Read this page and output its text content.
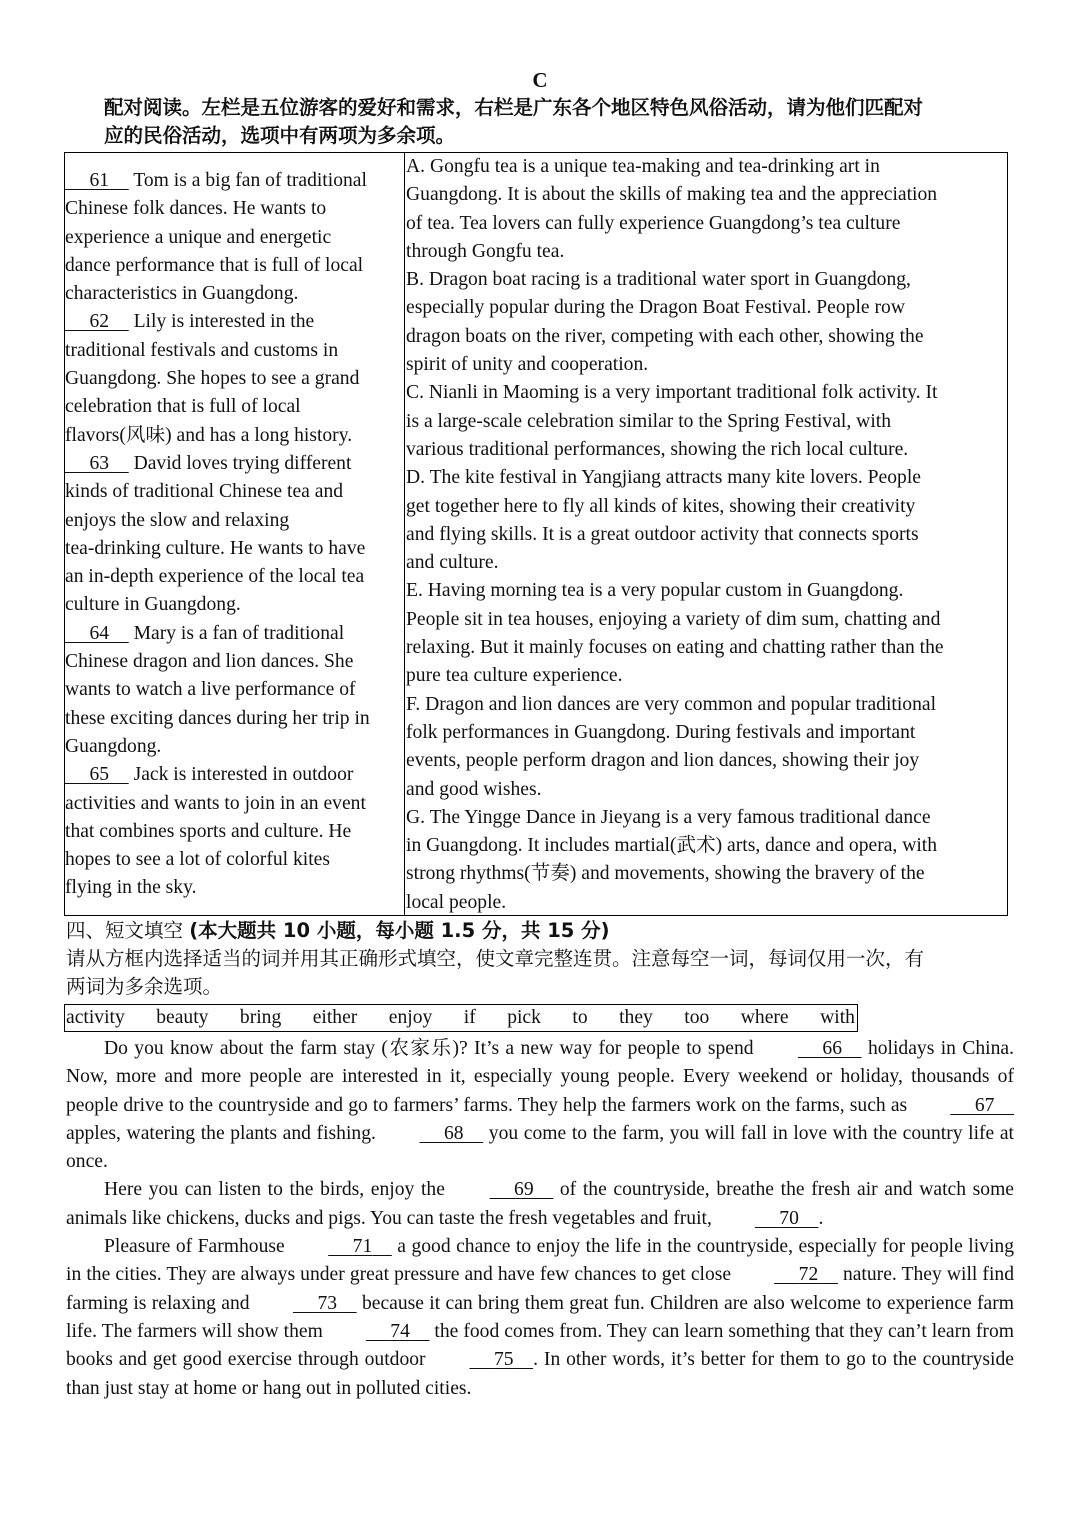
C
配对阅读。左栏是五位游客的爱好和需求，右栏是广东各个地区特色风俗活动，请为他们匹配对
应的民俗活动，选项中有两项为多余项。

61     Tom is a big fan of traditional
Chinese folk dances. He wants to
experience a unique and energetic
dance performance that is full of local
characteristics in Guangdong.

62     Lily is interested in the
traditional festivals and customs in
Guangdong. She hopes to see a grand
celebration that is full of local
flavors(风味) and has a long history.

63     David loves trying different
kinds of traditional Chinese tea and
enjoys the slow and relaxing
tea-drinking culture. He wants to have
an in-depth experience of the local tea
culture in Guangdong.

64     Mary is a fan of traditional
Chinese dragon and lion dances. She
wants to watch a live performance of
these exciting dances during her trip in
Guangdong.

65     Jack is interested in outdoor
activities and wants to join in an event
that combines sports and culture. He
hopes to see a lot of colorful kites
flying in the sky.

A. Gongfu tea is a unique tea-making and tea-drinking art in
Guangdong. It is about the skills of making tea and the appreciation
of tea. Tea lovers can fully experience Guangdong’s tea culture
through Gongfu tea.

B. Dragon boat racing is a traditional water sport in Guangdong,
especially popular during the Dragon Boat Festival. People row
dragon boats on the river, competing with each other, showing the
spirit of unity and cooperation.

C. Nianli in Maoming is a very important traditional folk activity. It
is a large-scale celebration similar to the Spring Festival, with
various traditional performances, showing the rich local culture.

D. The kite festival in Yangjiang attracts many kite lovers. People
get together here to fly all kinds of kites, showing their creativity
and flying skills. It is a great outdoor activity that connects sports
and culture.

E. Having morning tea is a very popular custom in Guangdong.
People sit in tea houses, enjoying a variety of dim sum, chatting and
relaxing. But it mainly focuses on eating and chatting rather than the
pure tea culture experience.

F. Dragon and lion dances are very common and popular traditional
folk performances in Guangdong. During festivals and important
events, people perform dragon and lion dances, showing their joy
and good wishes.

G. The Yingge Dance in Jieyang is a very famous traditional dance
in Guangdong. It includes martial(武术) arts, dance and opera, with
strong rhythms(节奏) and movements, showing the bravery of the
local people.

四、短文填空 (本大题共 10 小题，每小题 1.5 分，共 15 分)
请从方框内选择适当的词并用其正确形式填空，使文章完整连贯。注意每空一词，每词仅用一次，有
两词为多余选项。
activity beauty bring either enjoy if pick to they too where with

Do you know about the farm stay (农家乐)? It’s a new way for people to spend	66     holidays in China. Now, more and more people are interested in it, especially young people. Every weekend or holiday, thousands of people drive to the countryside and go to farmers’ farms. They help the farmers work on the farms, such as	67     apples, watering the plants and fishing.	68     you come to the farm, you will fall in love with the country life at once.

Here you can listen to the birds, enjoy the	69     of the countryside, breathe the fresh air and watch some animals like chickens, ducks and pigs. You can taste the fresh vegetables and fruit,	70 .

Pleasure of Farmhouse	71     a good chance to enjoy the life in the countryside, especially for people living in the cities. They are always under great pressure and have few chances to get close	72     nature. They will find farming is relaxing and	73     because it can bring them great fun. Children are also welcome to experience farm life. The farmers will show them	74     the food comes from. They can learn something that they can’t learn from books and get good exercise through outdoor	75 . In other words, it’s better for them to go to the countryside than just stay at home or hang out in polluted cities.
